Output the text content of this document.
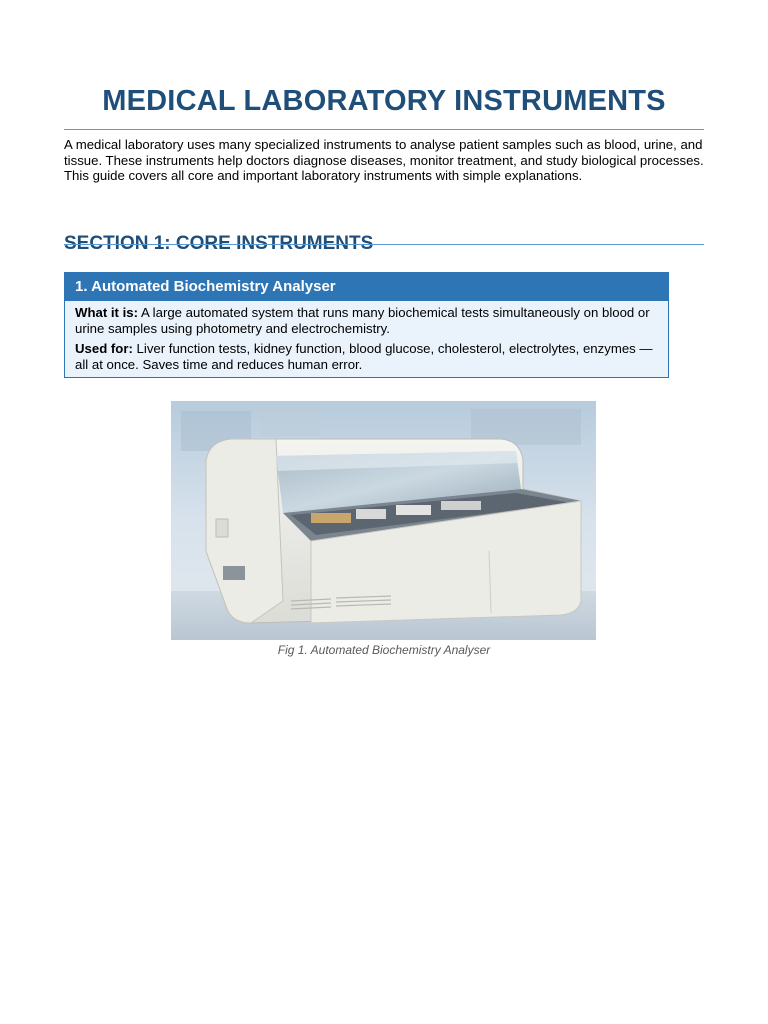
MEDICAL LABORATORY INSTRUMENTS
A medical laboratory uses many specialized instruments to analyse patient samples such as blood, urine, and tissue. These instruments help doctors diagnose diseases, monitor treatment, and study biological processes. This guide covers all core and important laboratory instruments with simple explanations.
SECTION 1: CORE INSTRUMENTS
1. Automated Biochemistry Analyser

What it is: A large automated system that runs many biochemical tests simultaneously on blood or urine samples using photometry and electrochemistry.

Used for: Liver function tests, kidney function, blood glucose, cholesterol, electrolytes, enzymes — all at once. Saves time and reduces human error.

Fig 1. Automated Biochemistry Analyser
